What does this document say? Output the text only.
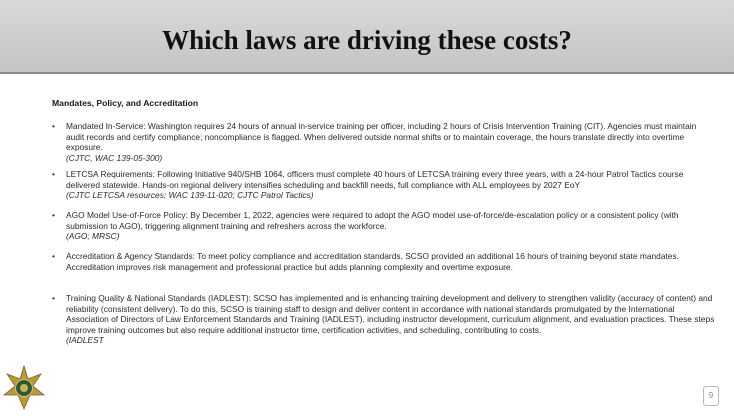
Which laws are driving these costs?
Mandates, Policy, and Accreditation
• Mandated In-Service: Washington requires 24 hours of annual in-service training per officer, including 2 hours of Crisis Intervention Training (CIT). Agencies must maintain audit records and certify compliance; noncompliance is flagged. When delivered outside normal shifts or to maintain coverage, the hours translate directly into overtime exposure.
(CJTC, WAC 139-05-300)
• LETCSA Requirements: Following Initiative 940/SHB 1064, officers must complete 40 hours of LETCSA training every three years, with a 24-hour Patrol Tactics course delivered statewide. Hands-on regional delivery intensifies scheduling and backfill needs, full compliance with ALL employees by 2027 EoY
(CJTC LETCSA resources; WAC 139-11-020; CJTC Patrol Tactics)
• AGO Model Use-of-Force Policy: By December 1, 2022, agencies were required to adopt the AGO model use-of-force/de-escalation policy or a consistent policy (with submission to AGO), triggering alignment training and refreshers across the workforce.
(AGO; MRSC)
• Accreditation & Agency Standards: To meet policy compliance and accreditation standards, SCSO provided an additional 16 hours of training beyond state mandates. Accreditation improves risk management and professional practice but adds planning complexity and overtime exposure.
• Training Quality & National Standards (IADLEST): SCSO has implemented and is enhancing training development and delivery to strengthen validity (accuracy of content) and reliability (consistent delivery). To do this, SCSO is training staff to design and deliver content in accordance with national standards promulgated by the International Association of Directors of Law Enforcement Standards and Training (IADLEST), including instructor development, curriculum alignment, and evaluation practices. These steps improve training outcomes but also require additional instructor time, certification activities, and scheduling, contributing to costs.
(IADLEST
9
